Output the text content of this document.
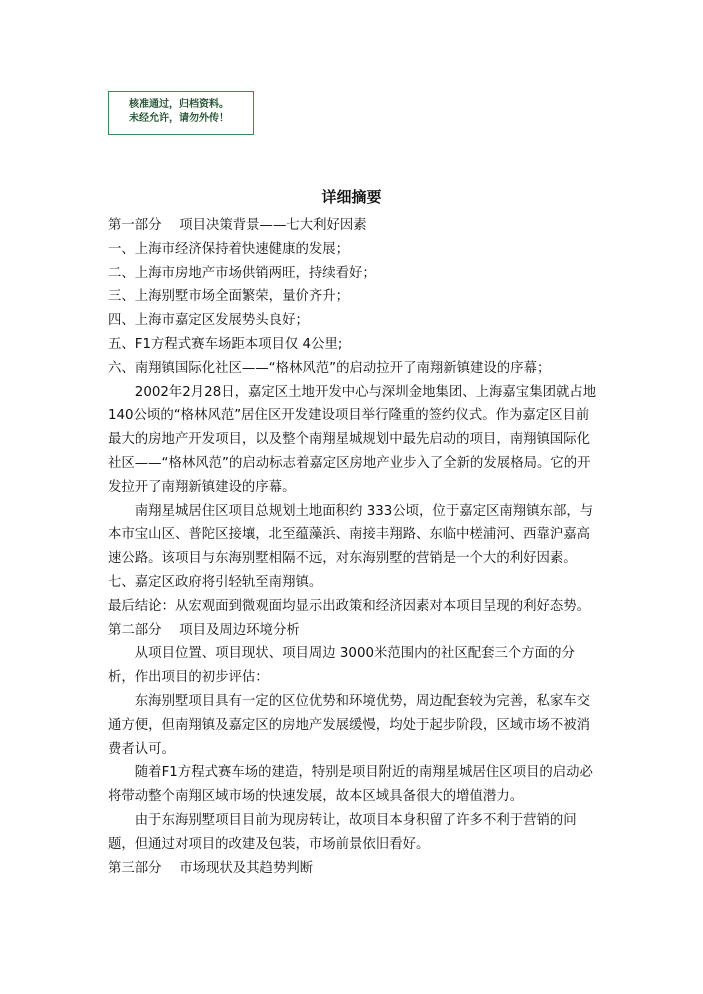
核准通过，归档资料。
未经允许，请勿外传！
详细摘要

第一部分　 项目决策背景——七大利好因素

一、上海市经济保持着快速健康的发展；

二、上海市房地产市场供销两旺，持续看好；

三、上海别墅市场全面繁荣，量价齐升；

四、上海市嘉定区发展势头良好；

五、F1方程式赛车场距本项目仅 4公里;

六、南翔镇国际化社区——“格林风范”的启动拉开了南翔新镇建设的序幕；

2002年2月28日，嘉定区土地开发中心与深圳金地集团、上海嘉宝集团就占地140公顷的“格林风范”居住区开发建设项目举行隆重的签约仪式。作为嘉定区目前最大的房地产开发项目，以及整个南翔星城规划中最先启动的项目，南翔镇国际化社区——“格林风范”的启动标志着嘉定区房地产业步入了全新的发展格局。它的开发拉开了南翔新镇建设的序幕。

南翔星城居住区项目总规划土地面积约 333公顷，位于嘉定区南翔镇东部，与本市宝山区、普陀区接壤，北至蕴藻浜、南接丰翔路、东临中槎浦河、西靠沪嘉高速公路。该项目与东海别墅相隔不远，对东海别墅的营销是一个大的利好因素。

七、嘉定区政府将引轻轨至南翔镇。

最后结论：从宏观面到微观面均显示出政策和经济因素对本项目呈现的利好态势。

第二部分　 项目及周边环境分析

从项目位置、项目现状、项目周边 3000米范围内的社区配套三个方面的分析，作出项目的初步评估：

东海别墅项目具有一定的区位优势和环境优势，周边配套较为完善，私家车交通方便，但南翔镇及嘉定区的房地产发展缓慢，均处于起步阶段，区域市场不被消费者认可。

随着F1方程式赛车场的建造，特别是项目附近的南翔星城居住区项目的启动必将带动整个南翔区域市场的快速发展，故本区域具备很大的增值潜力。

由于东海别墅项目目前为现房转让，故项目本身积留了许多不利于营销的问题，但通过对项目的改建及包装，市场前景依旧看好。

第三部分　 市场现状及其趋势判断
